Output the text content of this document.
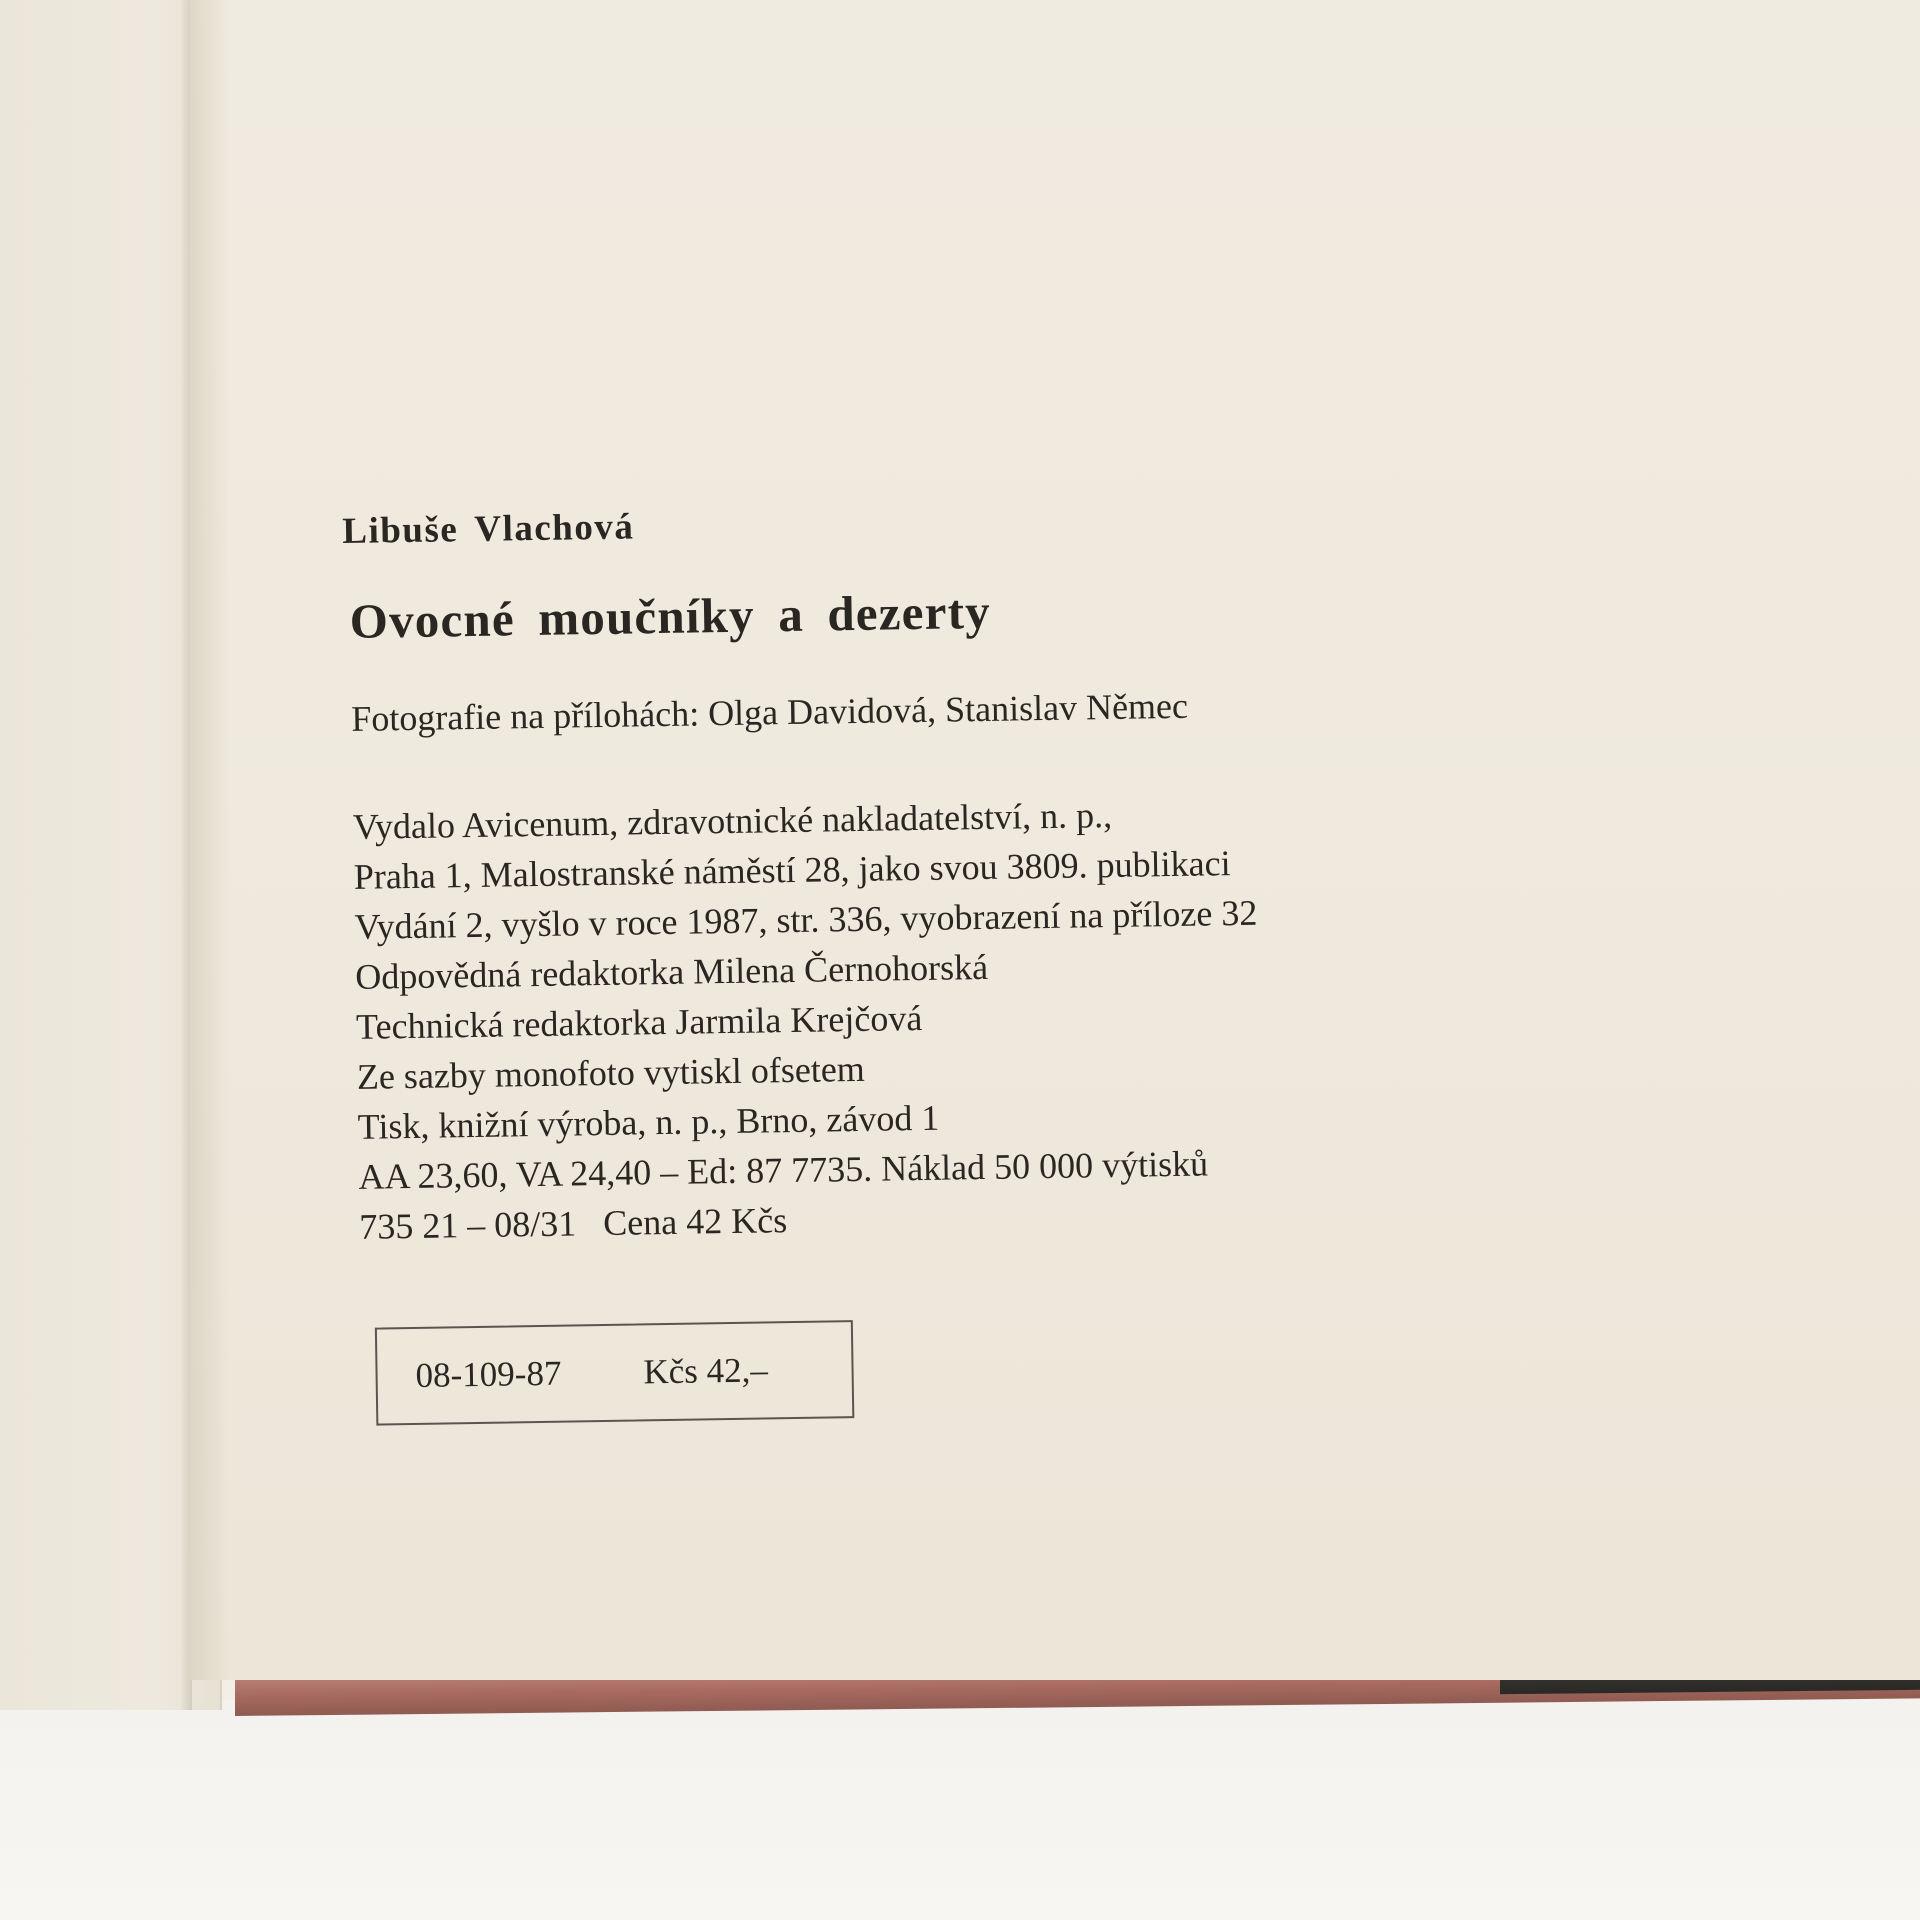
Libuše Vlachová
Ovocné moučníky a dezerty
Fotografie na přílohách: Olga Davidová, Stanislav Němec
Vydalo Avicenum, zdravotnické nakladatelství, n. p.,
Praha 1, Malostranské náměstí 28, jako svou 3809. publikaci
Vydání 2, vyšlo v roce 1987, str. 336, vyobrazení na příloze 32
Odpovědná redaktorka Milena Černohorská
Technická redaktorka Jarmila Krejčová
Ze sazby monofoto vytiskl ofsetem
Tisk, knižní výroba, n. p., Brno, závod 1
AA 23,60, VA 24,40 – Ed: 87 7735. Náklad 50 000 výtisků
735 21 – 08/31   Cena 42 Kčs
08-109-87 Kčs 42,–
